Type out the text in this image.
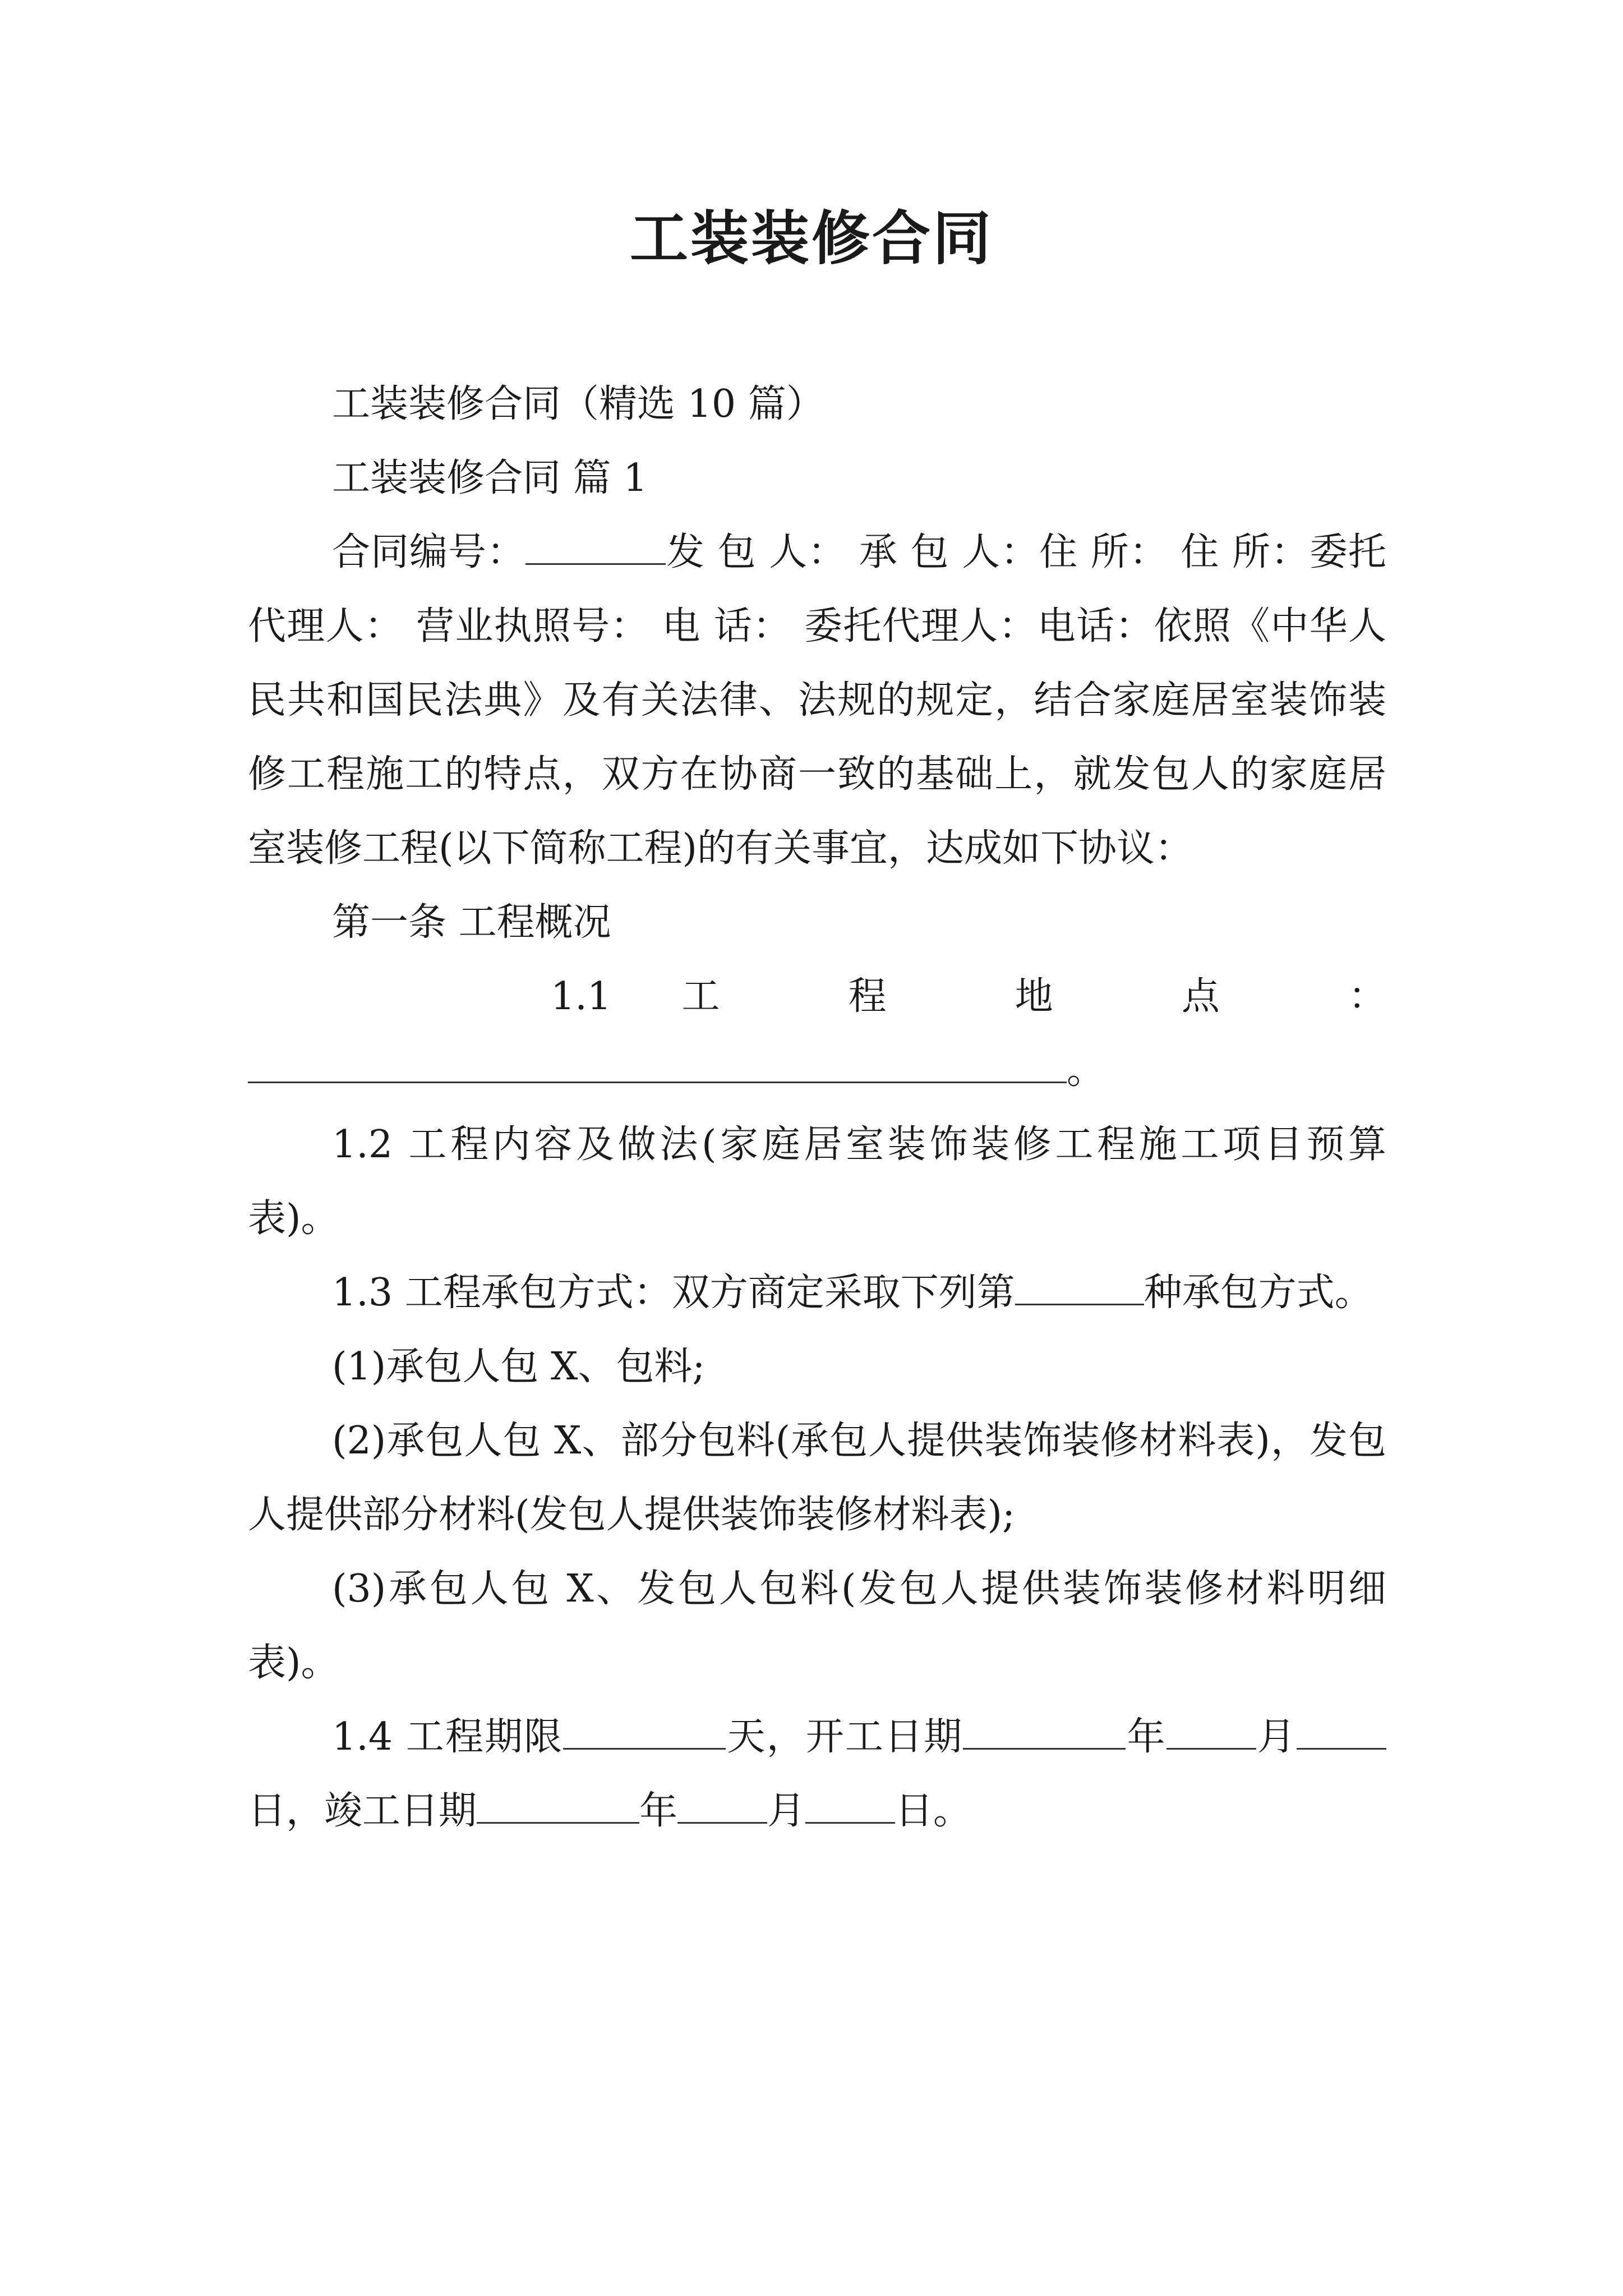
工装装修合同

工装装修合同（精选 10 篇）

工装装修合同 篇 1

合同编号：	发 包 人： 承 包 人：住 所： 住 所：委托代理人： 营业执照号： 电 话： 委托代理人：电话：依照《中华人民共和国民法典》及有关法律、法规的规定，结合家庭居室装饰装修工程施工的特点，双方在协商一致的基础上，就发包人的家庭居室装修工程(以下简称工程)的有关事宜，达成如下协议：

第一条 工程概况

1.1 工 程 地 点 ：

。

1.2 工程内容及做法(家庭居室装饰装修工程施工项目预算表)。

1.3 工程承包方式：双方商定采取下列第	种承包方式。

(1)承包人包 X、包料;

(2)承包人包 X、部分包料(承包人提供装饰装修材料表)，发包人提供部分材料(发包人提供装饰装修材料表);

(3)承包人包 X、发包人包料(发包人提供装饰装修材料明细表)。

1.4 工程期限	天，开工日期	年 月日，竣工日期	年 月 日。
